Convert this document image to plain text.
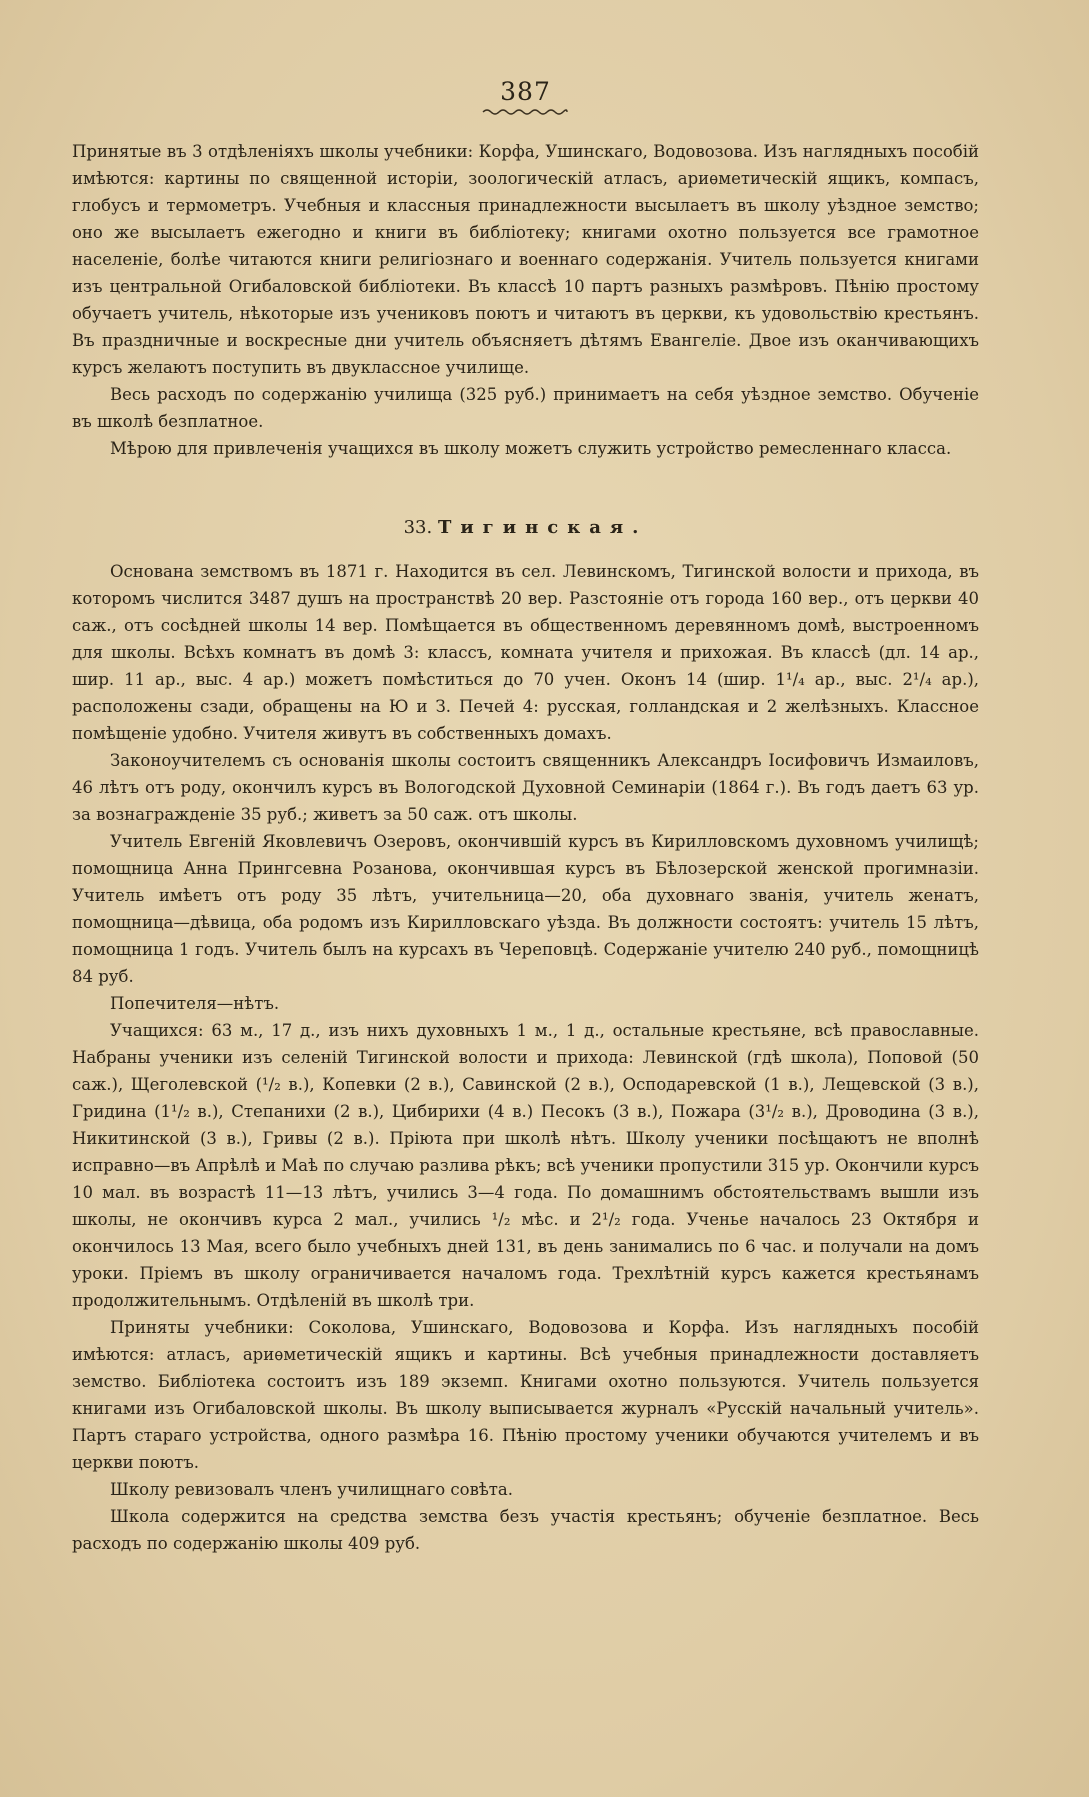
387

Принятые въ 3 отдѣленіяхъ школы учебники: Корфа, Ушинскаго, Водовозова. Изъ наглядныхъ пособій имѣются: картины по священной исторіи, зоологическій атласъ, ариѳметическій ящикъ, компасъ, глобусъ и термометръ. Учебныя и классныя принадлежности высылаетъ въ школу уѣздное земство; оно же высылаетъ ежегодно и книги въ библіотеку; книгами охотно пользуется все грамотное населеніе, болѣе читаются книги религіознаго и военнаго содержанія. Учитель пользуется книгами изъ центральной Огибаловской библіотеки. Въ классѣ 10 партъ разныхъ размѣровъ. Пѣнію простому обучаетъ учитель, нѣкоторые изъ учениковъ поютъ и читаютъ въ церкви, къ удовольствію крестьянъ. Въ праздничные и воскресные дни учитель объясняетъ дѣтямъ Евангеліе. Двое изъ оканчивающихъ курсъ желаютъ поступить въ двуклассное училище.

Весь расходъ по содержанію училища (325 руб.) принимаетъ на себя уѣздное земство. Обученіе въ школѣ безплатное.

Мѣрою для привлеченія учащихся въ школу можетъ служить устройство ремесленнаго класса.

33. Тигинская.

Основана земствомъ въ 1871 г. Находится въ сел. Левинскомъ, Тигинской волости и прихода, въ которомъ числится 3487 душъ на пространствѣ 20 вер. Разстояніе отъ города 160 вер., отъ церкви 40 саж., отъ сосѣдней школы 14 вер. Помѣщается въ общественномъ деревянномъ домѣ, выстроенномъ для школы. Всѣхъ комнатъ въ домѣ 3: классъ, комната учителя и прихожая. Въ классѣ (дл. 14 ар., шир. 11 ар., выс. 4 ар.) можетъ помѣститься до 70 учен. Оконъ 14 (шир. 1¹/₄ ар., выс. 2¹/₄ ар.), расположены сзади, обращены на Ю и З. Печей 4: русская, голландская и 2 желѣзныхъ. Классное помѣщеніе удобно. Учителя живутъ въ собственныхъ домахъ.

Законоучителемъ съ основанія школы состоитъ священникъ Александръ Іосифовичъ Измаиловъ, 46 лѣтъ отъ роду, окончилъ курсъ въ Вологодской Духовной Семинаріи (1864 г.). Въ годъ даетъ 63 ур. за вознагражденіе 35 руб.; живетъ за 50 саж. отъ школы.

Учитель Евгеній Яковлевичъ Озеровъ, окончившій курсъ въ Кирилловскомъ духовномъ училищѣ; помощница Анна Прингсевна Розанова, окончившая курсъ въ Бѣлозерской женской прогимназіи. Учитель имѣетъ отъ роду 35 лѣтъ, учительница—20, оба духовнаго званія, учитель женатъ, помощница—дѣвица, оба родомъ изъ Кирилловскаго уѣзда. Въ должности состоятъ: учитель 15 лѣтъ, помощница 1 годъ. Учитель былъ на курсахъ въ Череповцѣ. Содержаніе учителю 240 руб., помощницѣ 84 руб.

Попечителя—нѣтъ.

Учащихся: 63 м., 17 д., изъ нихъ духовныхъ 1 м., 1 д., остальные крестьяне, всѣ православные. Набраны ученики изъ селеній Тигинской волости и прихода: Левинской (гдѣ школа), Поповой (50 саж.), Щеголевской (¹/₂ в.), Копевки (2 в.), Савинской (2 в.), Осподаревской (1 в.), Лещевской (3 в.), Гридина (1¹/₂ в.), Степанихи (2 в.), Цибирихи (4 в.) Песокъ (3 в.), Пожара (3¹/₂ в.), Дроводина (3 в.), Никитинской (3 в.), Гривы (2 в.). Пріюта при школѣ нѣтъ. Школу ученики посѣщаютъ не вполнѣ исправно—въ Апрѣлѣ и Маѣ по случаю разлива рѣкъ; всѣ ученики пропустили 315 ур. Окончили курсъ 10 мал. въ возрастѣ 11—13 лѣтъ, учились 3—4 года. По домашнимъ обстоятельствамъ вышли изъ школы, не окончивъ курса 2 мал., учились ¹/₂ мѣс. и 2¹/₂ года. Ученье началось 23 Октября и окончилось 13 Мая, всего было учебныхъ дней 131, въ день занимались по 6 час. и получали на домъ уроки. Пріемъ въ школу ограничивается началомъ года. Трехлѣтній курсъ кажется крестьянамъ продолжительнымъ. Отдѣленій въ школѣ три.

Приняты учебники: Соколова, Ушинскаго, Водовозова и Корфа. Изъ наглядныхъ пособій имѣются: атласъ, ариѳметическій ящикъ и картины. Всѣ учебныя принадлежности доставляетъ земство. Библіотека состоитъ изъ 189 экземп. Книгами охотно пользуются. Учитель пользуется книгами изъ Огибаловской школы. Въ школу выписывается журналъ «Русскій начальный учитель». Партъ стараго устройства, одного размѣра 16. Пѣнію простому ученики обучаются учителемъ и въ церкви поютъ.

Школу ревизовалъ членъ училищнаго совѣта.

Школа содержится на средства земства безъ участія крестьянъ; обученіе безплатное. Весь расходъ по содержанію школы 409 руб.
